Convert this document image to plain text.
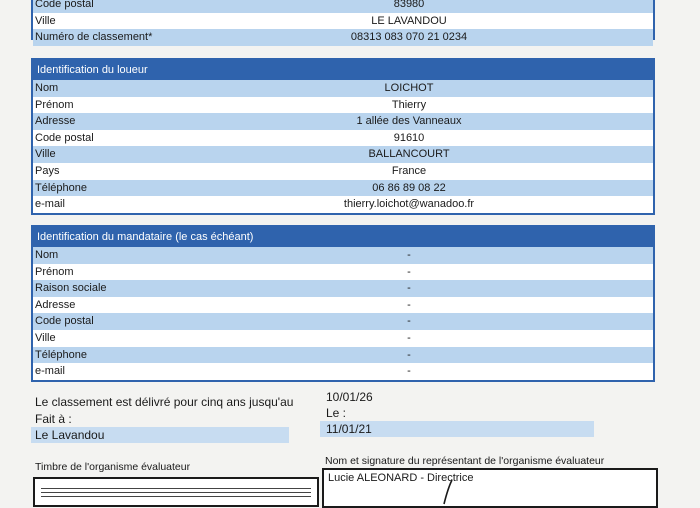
Code postal	83980
Ville	LE LAVANDOU
Numéro de classement*	08313 083 070 21 0234
Identification du loueur
Nom	LOICHOT
Prénom	Thierry
Adresse	1 allée des Vanneaux
Code postal	91610
Ville	BALLANCOURT
Pays	France
Téléphone	06 86 89 08 22
e-mail	thierry.loichot@wanadoo.fr
Identification du mandataire (le cas échéant)
Nom	-
Prénom	-
Raison sociale	-
Adresse	-
Code postal	-
Ville	-
Téléphone	-
e-mail	-
Le classement est délivré pour cinq ans jusqu'au	10/01/26
Fait à :	Le :
Le Lavandou	11/01/21
Timbre de l'organisme évaluateur	Nom et signature du représentant de l'organisme évaluateur
Lucie ALEONARD - Directrice
